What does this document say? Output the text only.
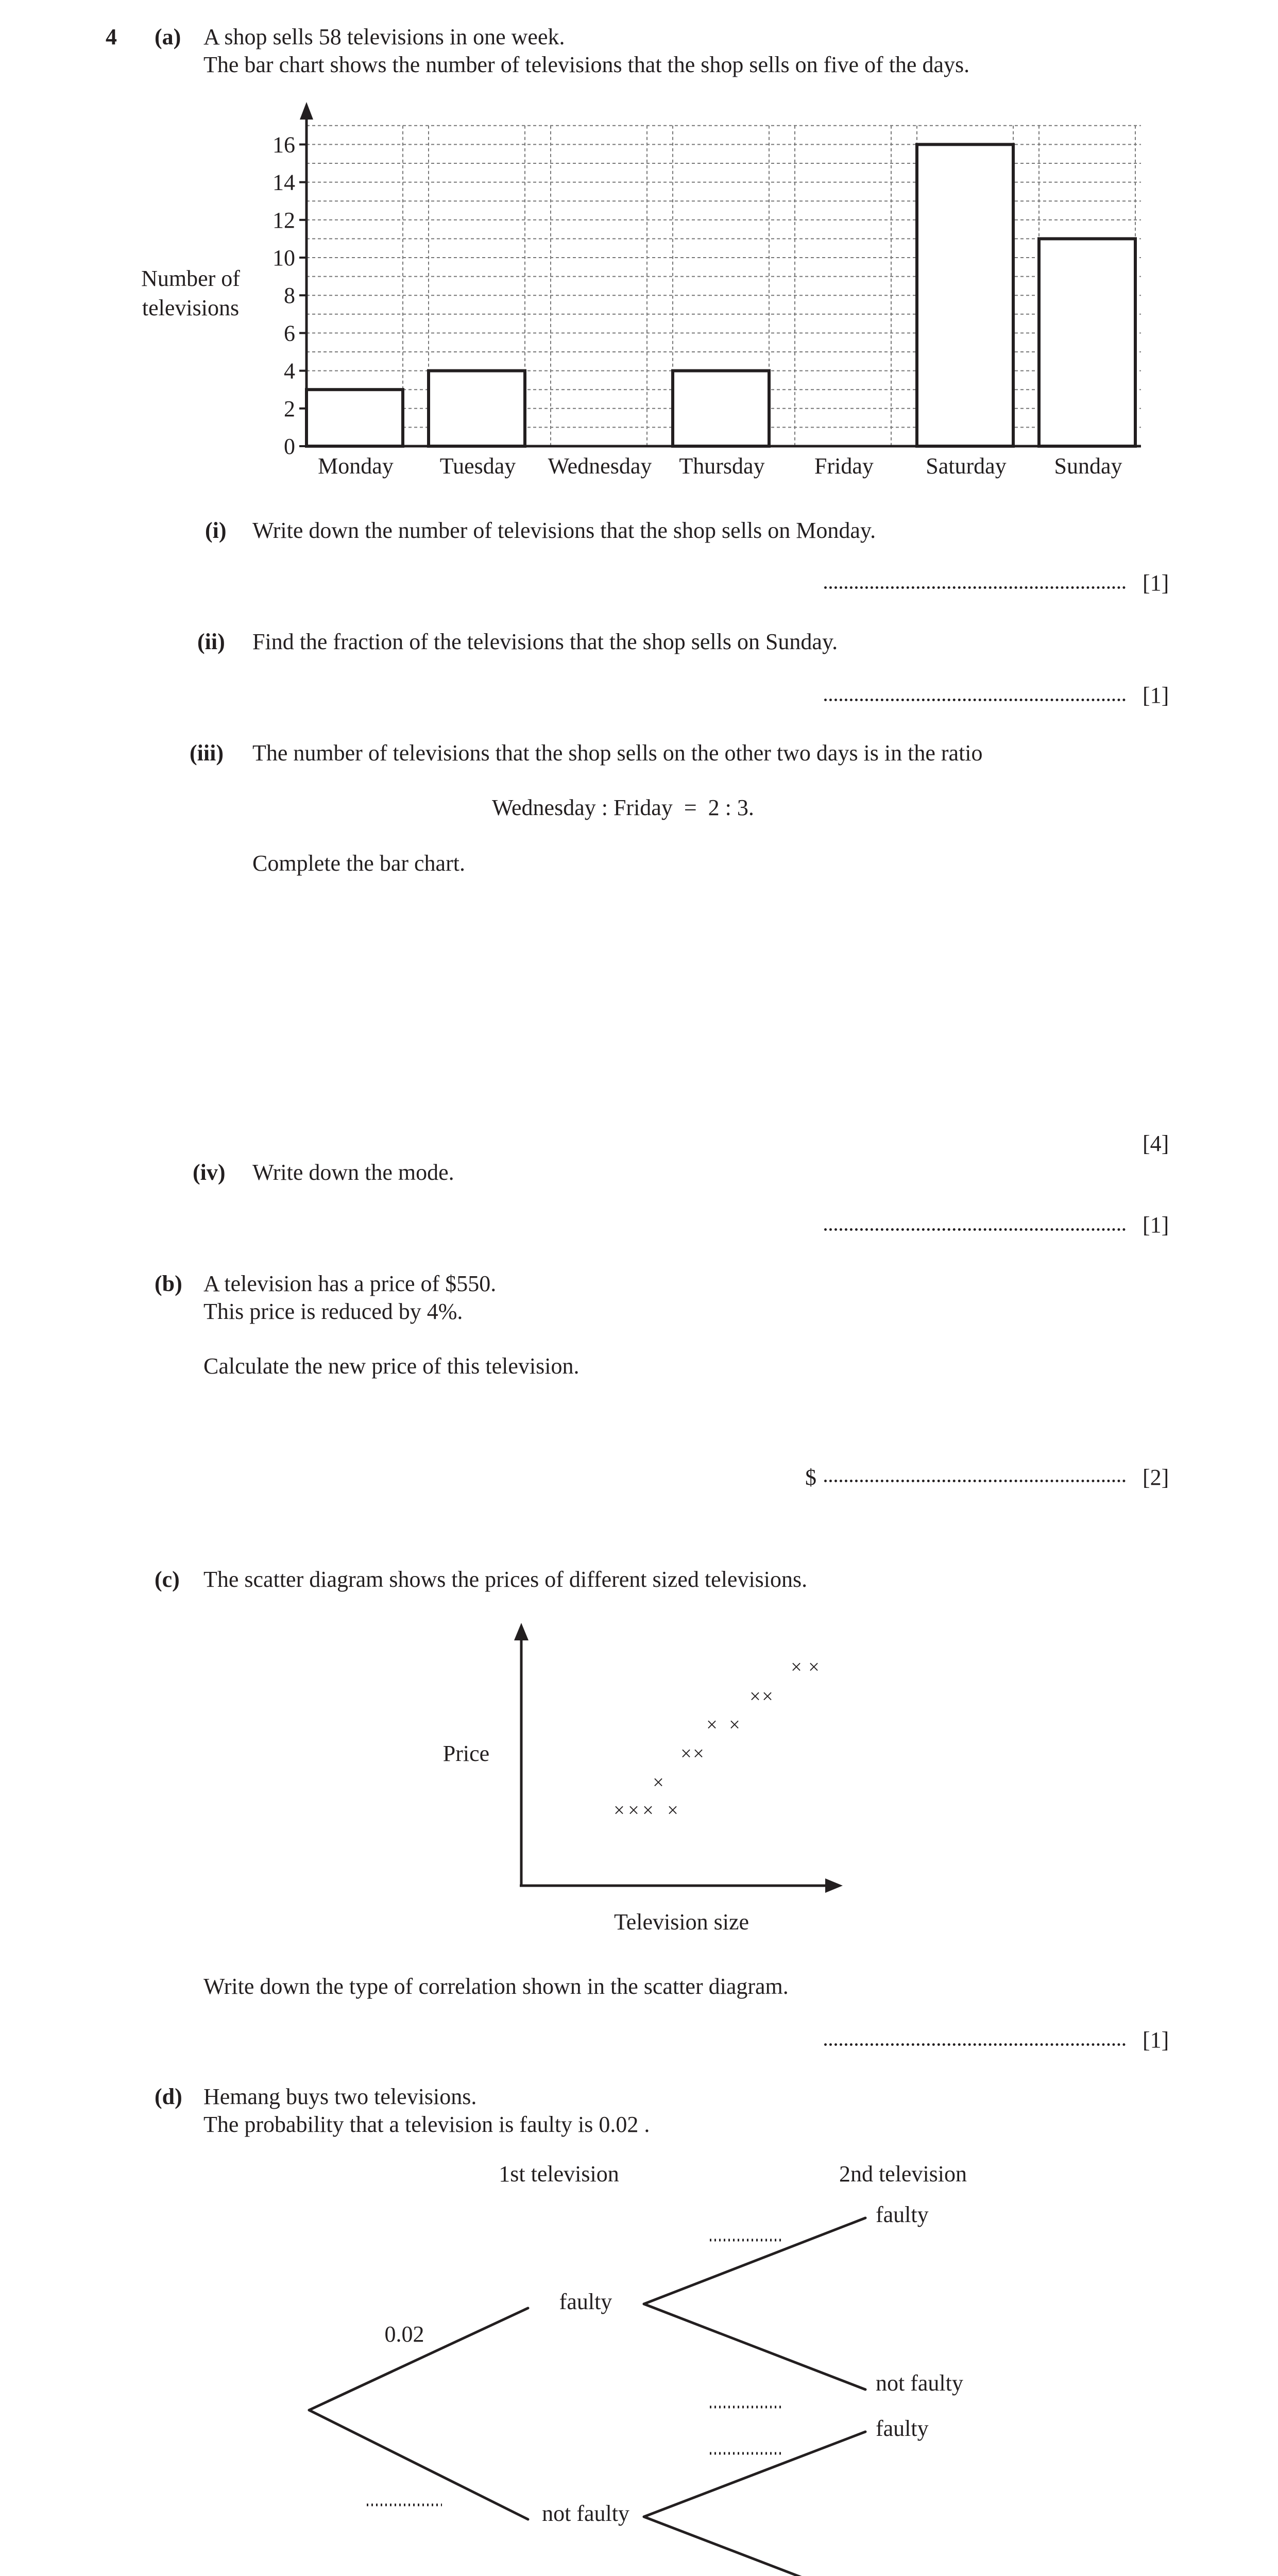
4 (a) A shop sells 58 televisions in one week.
The bar chart shows the number of televisions that the shop sells on five of the days.
0
2
4
6
8
10
12
14
16
Monday Tuesday Wednesday Thursday Friday Saturday Sunday
Number of
televisions
(i) Write down the number of televisions that the shop sells on Monday.
[1]
(ii) Find the fraction of the televisions that the shop sells on Sunday.
[1]
(iii) The number of televisions that the shop sells on the other two days is in the ratio
Wednesday : Friday  =  2 : 3.
Complete the bar chart.
[4]
(iv) Write down the mode.
[1]
(b) A television has a price of $550.
This price is reduced by 4%.
Calculate the new price of this television.
$	[2]
(c) The scatter diagram shows the prices of different sized televisions.
Price
Television size
× × × ×
×
× ×
× ×
× ×
× ×
Write down the type of correlation shown in the scatter diagram.
[1]
(d) Hemang buys two televisions.
The probability that a television is faulty is 0.02 .
1st television	2nd television
0.02
faulty
not faulty
faulty
not faulty
faulty
